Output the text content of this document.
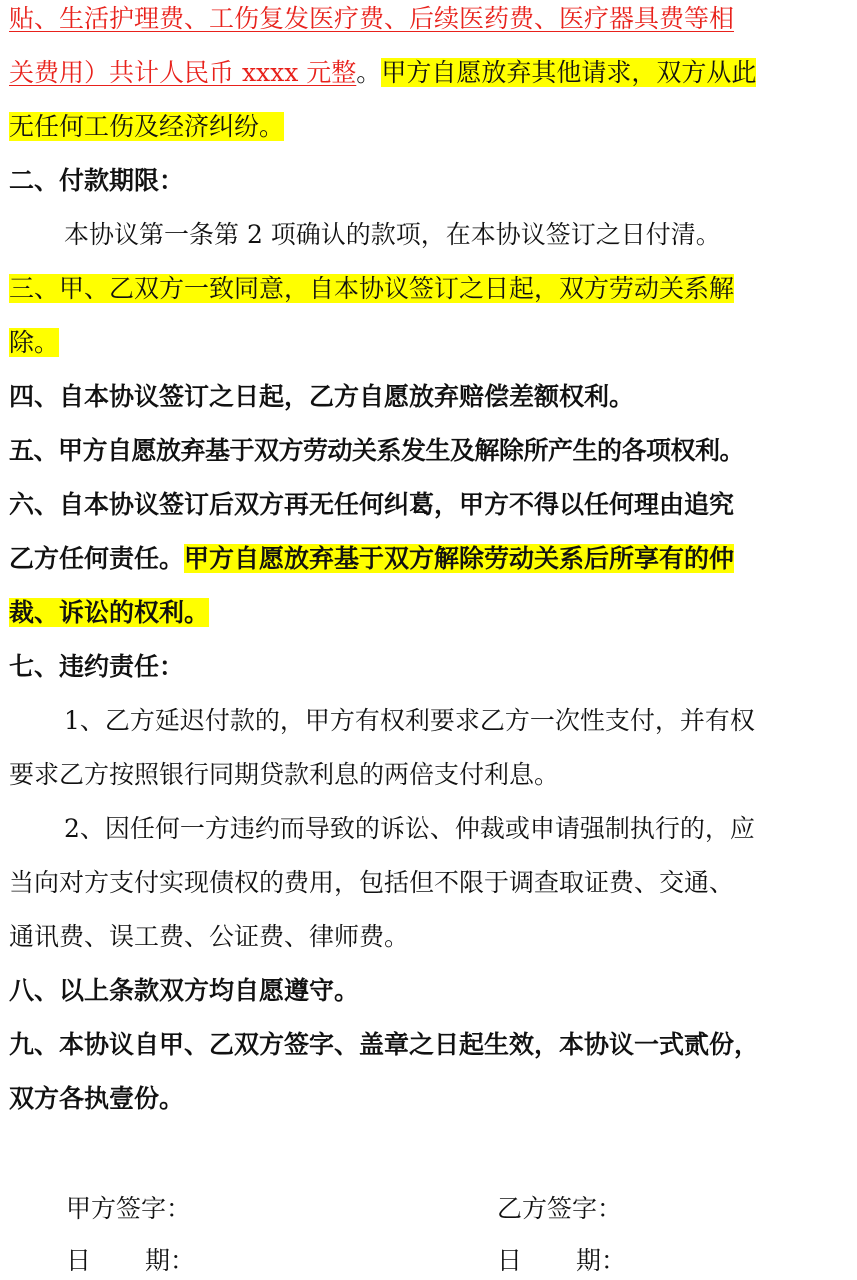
贴、生活护理费、工伤复发医疗费、后续医药费、医疗器具费等相
关费用）共计人民币 xxxx 元整。甲方自愿放弃其他请求，双方从此
无任何工伤及经济纠纷。
二、付款期限：
本协议第一条第 2 项确认的款项，在本协议签订之日付清。
三、甲、乙双方一致同意，自本协议签订之日起，双方劳动关系解
除。
四、自本协议签订之日起，乙方自愿放弃赔偿差额权利。
五、甲方自愿放弃基于双方劳动关系发生及解除所产生的各项权利。
六、自本协议签订后双方再无任何纠葛，甲方不得以任何理由追究
乙方任何责任。甲方自愿放弃基于双方解除劳动关系后所享有的仲
裁、诉讼的权利。
七、违约责任：
1、乙方延迟付款的，甲方有权利要求乙方一次性支付，并有权
要求乙方按照银行同期贷款利息的两倍支付利息。
2、因任何一方违约而导致的诉讼、仲裁或申请强制执行的，应
当向对方支付实现债权的费用，包括但不限于调查取证费、交通、
通讯费、误工费、公证费、律师费。
八、以上条款双方均自愿遵守。
九、本协议自甲、乙双方签字、盖章之日起生效，本协议一式贰份，
双方各执壹份。
甲方签字：	乙方签字：
日 期：	日 期：
